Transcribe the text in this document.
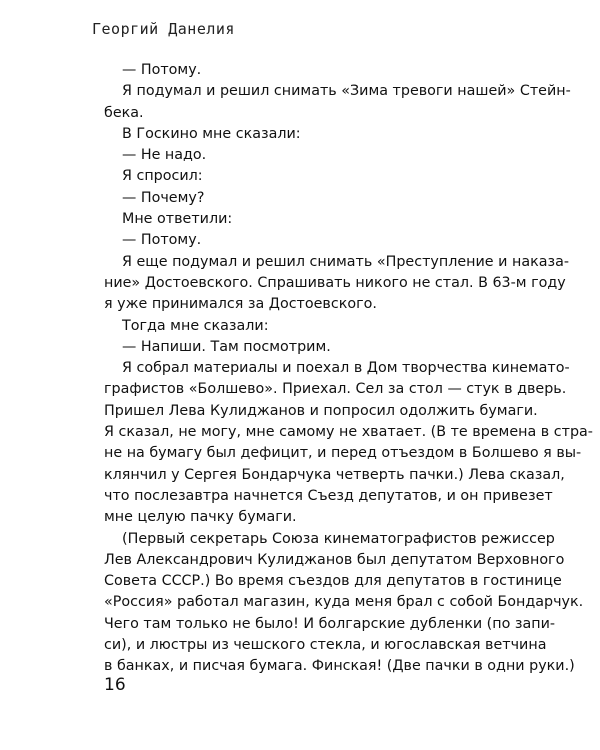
Георгий Данелия
— Потому.
Я подумал и решил снимать «Зима тревоги нашей» Стейн-
бека.
В Госкино мне сказали:
— Не надо.
Я спросил:
— Почему?
Мне ответили:
— Потому.
Я еще подумал и решил снимать «Преступление и наказа-
ние» Достоевского. Спрашивать никого не стал. В 63-м году
я уже принимался за Достоевского.
Тогда мне сказали:
— Напиши. Там посмотрим.
Я собрал материалы и поехал в Дом творчества кинемато-
графистов «Болшево». Приехал. Сел за стол — стук в дверь.
Пришел Лева Кулиджанов и попросил одолжить бумаги.
Я сказал, не могу, мне самому не хватает. (В те времена в стра-
не на бумагу был дефицит, и перед отъездом в Болшево я вы-
клянчил у Сергея Бондарчука четверть пачки.) Лева сказал,
что послезавтра начнется Съезд депутатов, и он привезет
мне целую пачку бумаги.
(Первый секретарь Союза кинематографистов режиссер
Лев Александрович Кулиджанов был депутатом Верховного
Совета СССР.) Во время съездов для депутатов в гостинице
«Россия» работал магазин, куда меня брал с собой Бондарчук.
Чего там только не было! И болгарские дубленки (по запи-
си), и люстры из чешского стекла, и югославская ветчина
в банках, и писчая бумага. Финская! (Две пачки в одни руки.)
16
